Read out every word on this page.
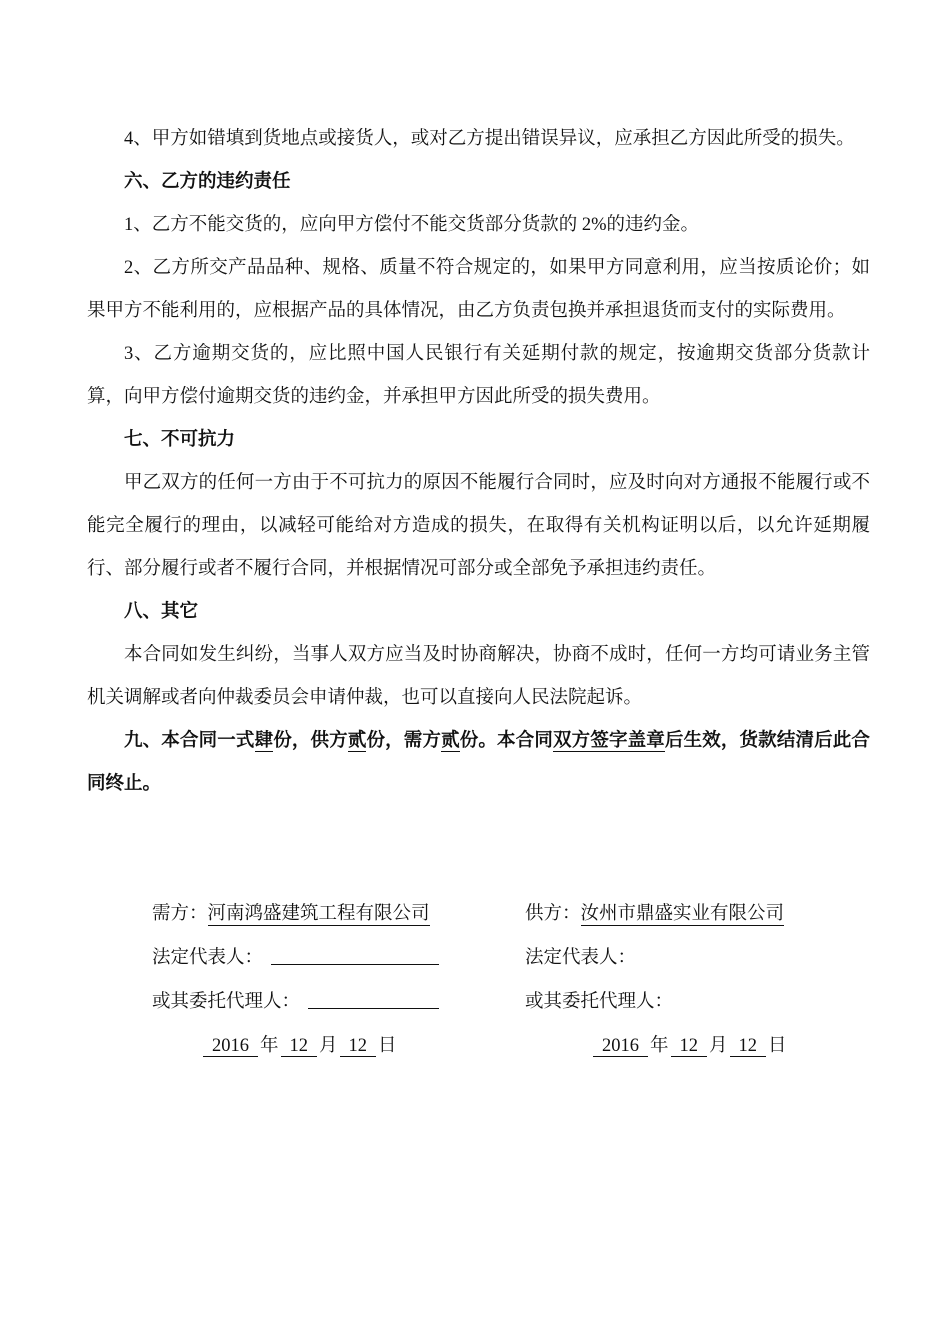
4、甲方如错填到货地点或接货人，或对乙方提出错误异议，应承担乙方因此所受的损失。

六、乙方的违约责任

1、乙方不能交货的，应向甲方偿付不能交货部分货款的 2%的违约金。

2、乙方所交产品品种、规格、质量不符合规定的，如果甲方同意利用，应当按质论价；如果甲方不能利用的，应根据产品的具体情况，由乙方负责包换并承担退货而支付的实际费用。

3、乙方逾期交货的，应比照中国人民银行有关延期付款的规定，按逾期交货部分货款计算，向甲方偿付逾期交货的违约金，并承担甲方因此所受的损失费用。

七、不可抗力

甲乙双方的任何一方由于不可抗力的原因不能履行合同时，应及时向对方通报不能履行或不能完全履行的理由，以减轻可能给对方造成的损失，在取得有关机构证明以后，以允许延期履行、部分履行或者不履行合同，并根据情况可部分或全部免予承担违约责任。

八、其它

本合同如发生纠纷，当事人双方应当及时协商解决，协商不成时，任何一方均可请业务主管机关调解或者向仲裁委员会申请仲裁，也可以直接向人民法院起诉。

九、本合同一式肆份，供方贰份，需方贰份。本合同双方签字盖章后生效，货款结清后此合同终止。

需方：河南鸿盛建筑工程有限公司	供方：汝州市鼎盛实业有限公司
法定代表人：	法定代表人：
或其委托代理人：	或其委托代理人：
2016 年 12 月 12 日	2016 年 12 月 12 日
